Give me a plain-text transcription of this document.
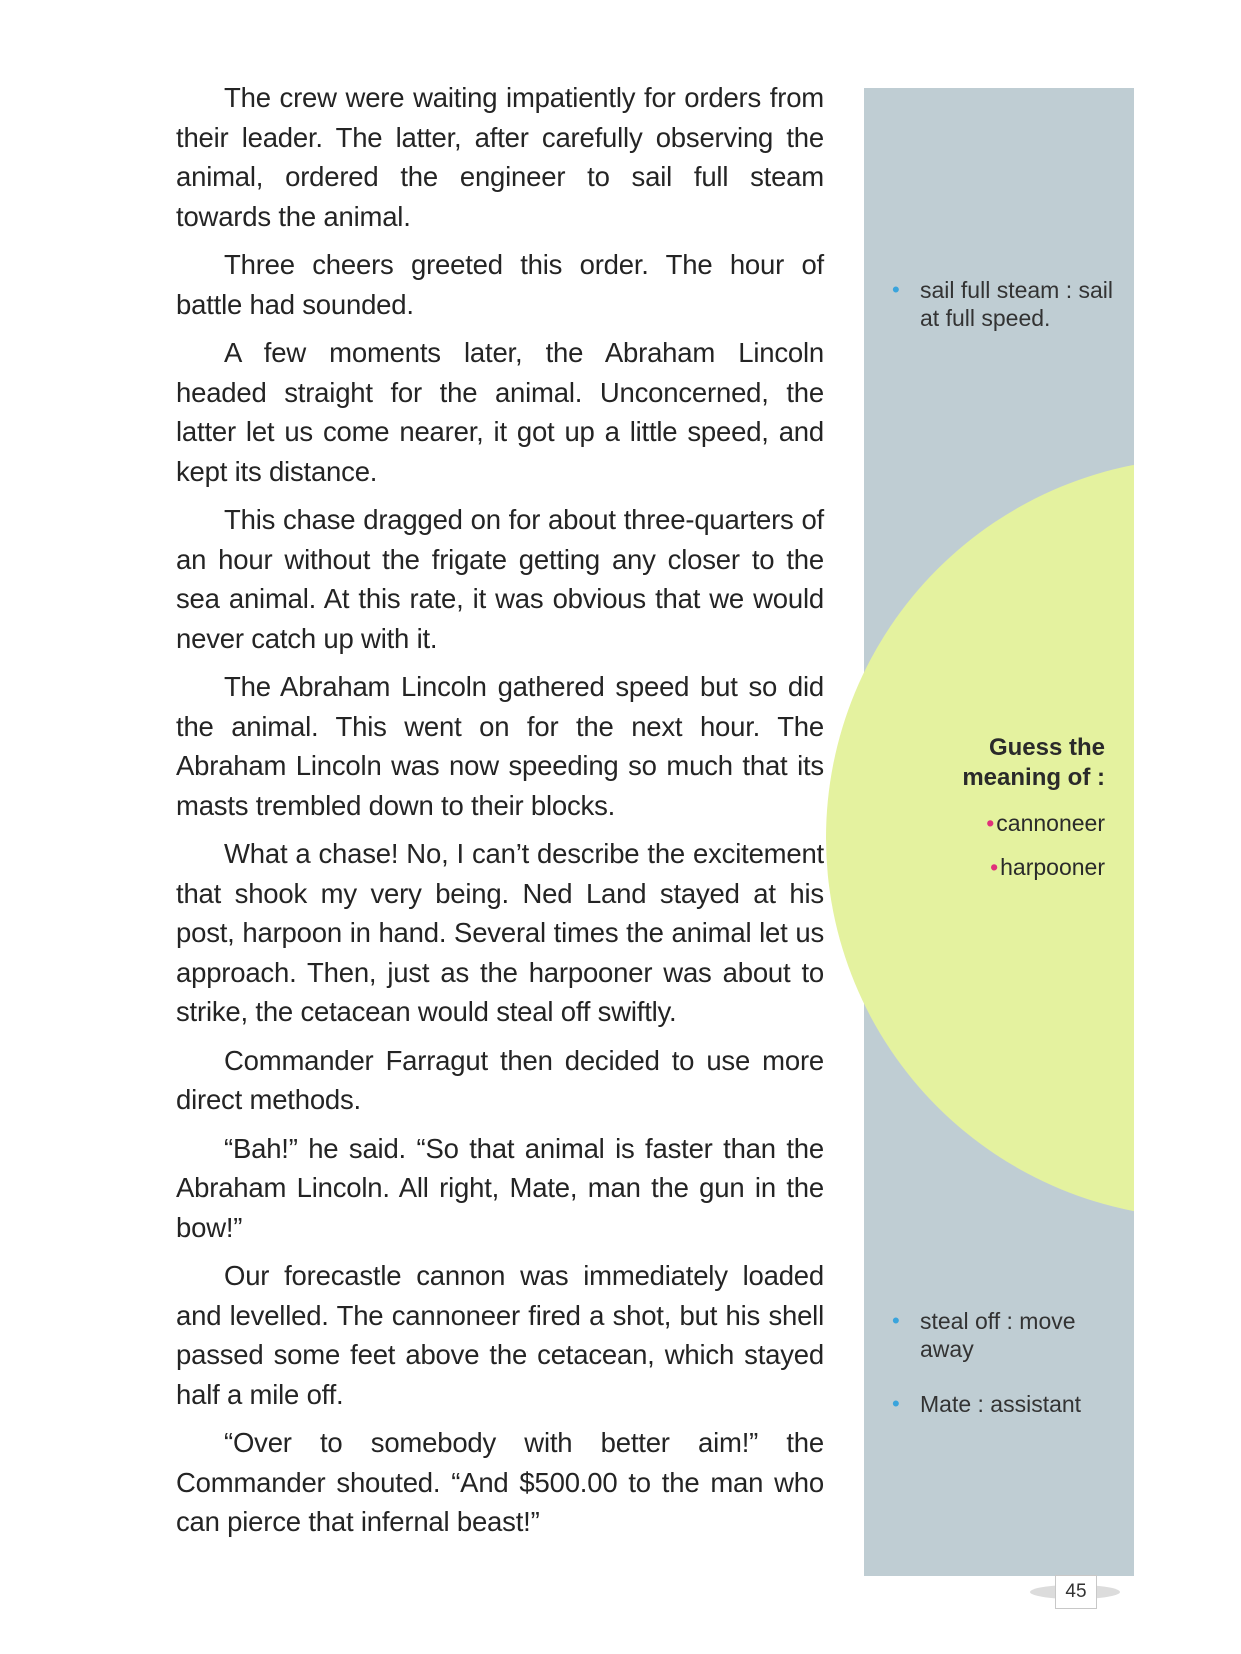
The crew were waiting impatiently for orders from their leader. The latter, after carefully observing the animal, ordered the engineer to sail full steam towards the animal.

Three cheers greeted this order. The hour of battle had sounded.

A few moments later, the Abraham Lincoln headed straight for the animal. Unconcerned, the latter let us come nearer, it got up a little speed, and kept its distance.

This chase dragged on for about three-quarters of an hour without the frigate getting any closer to the sea animal. At this rate, it was obvious that we would never catch up with it.

The Abraham Lincoln gathered speed but so did the animal. This went on for the next hour. The Abraham Lincoln was now speeding so much that its masts trembled down to their blocks.

What a chase! No, I can’t describe the excitement that shook my very being. Ned Land stayed at his post, harpoon in hand. Several times the animal let us approach. Then, just as the harpooner was about to strike, the cetacean would steal off swiftly.

Commander Farragut then decided to use more direct methods.

“Bah!” he said. “So that animal is faster than the Abraham Lincoln. All right, Mate, man the gun in the bow!”

Our forecastle cannon was immediately loaded and levelled. The cannoneer fired a shot, but his shell passed some feet above the cetacean, which stayed half a mile off.

“Over to somebody with better aim!” the Commander shouted. “And $500.00 to the man who can pierce that infernal beast!”

• sail full steam : sail at full speed.
• steal off : move away
• Mate : assistant
Guess the meaning of :
•cannoneer
•harpooner
45
